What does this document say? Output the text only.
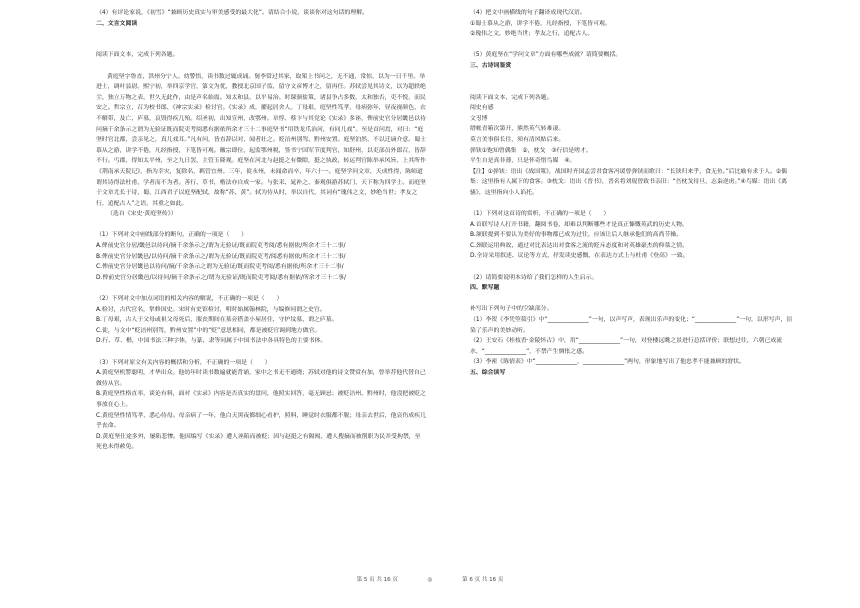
（4）有评论家说，《初雪》“兼顾历史真实与审美感受的最大化”。请结合小说，谈谈你对这句话的理解。

二、文言文阅读

阅读下面文本，完成下列各题。

黄庭坚字鲁直，洪州分宁人。幼警悟，读书数过辄成诵。舅李常过其家，取架上书问之，无不通，常惊，以为一日千里。举进士，调叶县尉。熙宁初，举四京学官，第文为优，教授北京国子监，留守文彦博才之，留再任。苏轼尝见其诗文，以为超轶绝尘，独立万物之表，世久无此作，由是声名始震。知太和县，以平易治。时课颁盐策，诸县争占多数，太和独否，吏不悦，而民安之。哲宗立，召为校书郎、《神宗实录》检讨官。《实录》成，擢起居舍人。丁母艰，庭坚性笃孝，母病弥年，昼夜视颜色，衣不解带，及亡，庐墓，哀毁得疾几殆。绍圣初，出知宣州，改鄂州。章惇、蔡卞与其党论《实录》多诬，俾前史官分居畿邑以待问摘千余条示之谓为无验证既而院吏考阅悉有据依所余才三十二事庭坚书“用铁龙爪治河，有同儿戏”。至是首问焉，对曰：“庭坚时官北都，尝亲见之，真儿戏耳。”凡有问，皆直辞以对，闻者壮之。贬涪州别驾、黔州安置。庭坚泊然，不以迁谪介意。蜀士慕从之游，讲学不倦，凡经指授，下笔皆可观。徽宗即位，起监鄂州税，签书宁国军节度判官，知舒州，以吏部员外郎召，皆辞不行。丐郡，得知太平州，至之九日罢，主管玉隆观。庭坚在河北与赵挺之有微隙，挺之执政，转运判官陈举承风旨，上其所作《荆南承天院记》，指为幸灾，复除名，羁管宜州。三年，徙永州，未闻命而卒，年六十一。庭坚学问文章，天成性得，陈师道谓其诗得法杜甫，学者而不为者。善行、草书，楷法亦自成一家。与张耒、晁补之、秦观俱游苏轼门，天下称为四学士。而庭坚于文章尤长于诗，蜀、江西君子以庭坚配轼，故称“苏、黄”。轼为侍从时，举以自代，其词有“瑰伟之文，妙绝当世；孝友之行，追配古人”之语，其重之如此。

（选自《宋史·黄庭坚传》）

（1）下列对文中画线部分的断句，正确的一项是（　　）

A.俾前史官分居/畿邑以待问/摘千余条示之/谓为无验证/既而院吏考阅/悉有据依/所余才三十二事/

B.俾前史官分居畿邑/以待问/摘千余条示之/谓为无验证/既而院吏考/阅悉有据依/所余才三十二事/

C.俾前史官分居畿邑以待问/摘/千余条示之谓为无验证/既而院吏考阅/悉有据依/所余才三十二事/

D.俾前史官分居畿邑/以待问/摘千余条示之/谓为无验证/既而院吏考阅/悉有据依/所余才三十二事/

（2）下列对文中加点词语的相关内容的解说，不正确的一项是（　　）

A.检讨，古代官名，掌修国史。宋时有史馆检讨，明时始属翰林院，与编修同谓之史官。

B.丁母艰，古人于父母或祖父母死后，服丧期间在墓旁搭盖小屋居住，守护坟墓，谓之庐墓。

C.徙，与文中“贬涪州别驾，黔州安置”中的“贬”意思相同，都是被贬官调到地方做官。

D.行、草、楷，中国书法三种字体，与篆、隶等同属于中国书法中各具特色的主要书体。

（3）下列对原文有关内容的概括和分析，不正确的一项是（　　）

A.黄庭坚机警聪明，才华出众。他幼年时读书数遍就能背诵，家中之书无不通晓；苏轼对他的诗文赞赏有加，曾举荐他代替自己做侍从官。

B.黄庭坚性格直率，谈论有料，面对《实录》内容是否真实的盘问，他照实回答，毫无顾忌；被贬涪州、黔州时，他没把被贬之事放在心上。

C.黄庭坚性情笃孝，悉心侍母。母亲病了一年，他白天黑夜都细心看护，照料，睡觉时衣服都不脱；母亲去世后，他哀伤成疾几乎丧命。

D.黄庭坚仕途多舛，屡陷悲惨。他因编写《实录》遭人诬陷而被贬；因与赵挺之有隔阂，遭人搜摘而被削职为民并受拘禁，至死也未得赦免。

（4）把文中画横线的句子翻译成现代汉语。

①蜀士慕从之游，讲学不倦，凡经指授，下笔皆可观。

②瑰伟之文，妙绝当世；孝友之行，追配古人。

（5）黄庭坚在“学问文章”方面有哪些成就？请简要概括。

三、古诗词鉴赏

阅读下面文本，完成下列各题。

阅史有感

文징博

缙帐青箱次第开，熊然英气转难凄。

莫言美事俱长往，须有清风贴后来。

弹铗①饱知曾偶集　②，枕戈　③行信是嗟才。

平生自是真非薄，只是怀奇惜鸟媒　④。

【注】①弹铗：语出《战国策》，战国时齐国孟尝君食客冯谖曾弹铗而歌曰：“长铗归来乎，食无鱼。”后比喻有求于人。②偶集：这里指有人属下的食客。③枕戈：语出《晋书》，晋名将刘琨曾致书亲旧：“吾枕戈待旦，志枭逆虏。”④鸟媒：语出《离骚》，这里指向小人谄托。

（1）下列对这首诗的赏析，不正确的一项是（　　）

A.首联写诗人打开书籍，翻阅书卷，却难以判断哪些才是真正慷慨英武的历史人物。

B.颔联提到不要认为美好的事物都已成为过往，应该让后人继承他们的高尚节操。

C.颈联运用典故，通过对比表达出对食客之流的贬斥态度和对英雄豪杰的仰慕之情。

D.全诗采用叙述、议论等方式，抒发读史感慨，在表达方式上与杜甫《登高》一致。

（2）请简要说明本诗给了我们怎样的人生启示。

四、默写题

补写出下列句子中的空缺部分。

（1）李贺《李凭箜篌引》中“______________”一句，以声写声，表现出乐声的变化；“______________”一句，以形写声，渲染了乐声的美妙动听。

（2）王安石《桂枝香·金陵怀古》中，用“______________”一句，对登楼远眺之景进行总括评价；联想过往，六朝已成流水，“______________”，不禁产生惆怅之感。

（3）李密《陈情表》中“______________，______________”两句，形象地写出了他忠孝不能兼顾的窘状。

五、综合读写

第 5 页 共 16 页	◎	第 6 页 共 16 页
